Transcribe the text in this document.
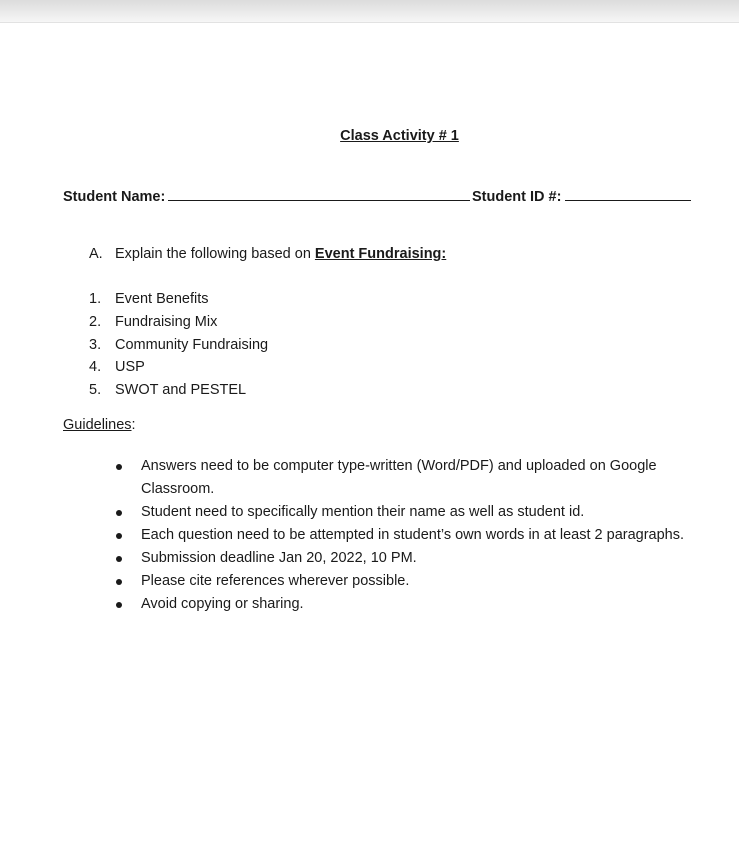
Class Activity # 1
Student Name:	Student ID #:
A. Explain the following based on Event Fundraising:
1. Event Benefits
2. Fundraising Mix
3. Community Fundraising
4. USP
5. SWOT and PESTEL
Guidelines:
Answers need to be computer type-written (Word/PDF) and uploaded on Google Classroom.
Student need to specifically mention their name as well as student id.
Each question need to be attempted in student’s own words in at least 2 paragraphs.
Submission deadline Jan 20, 2022, 10 PM.
Please cite references wherever possible.
Avoid copying or sharing.
